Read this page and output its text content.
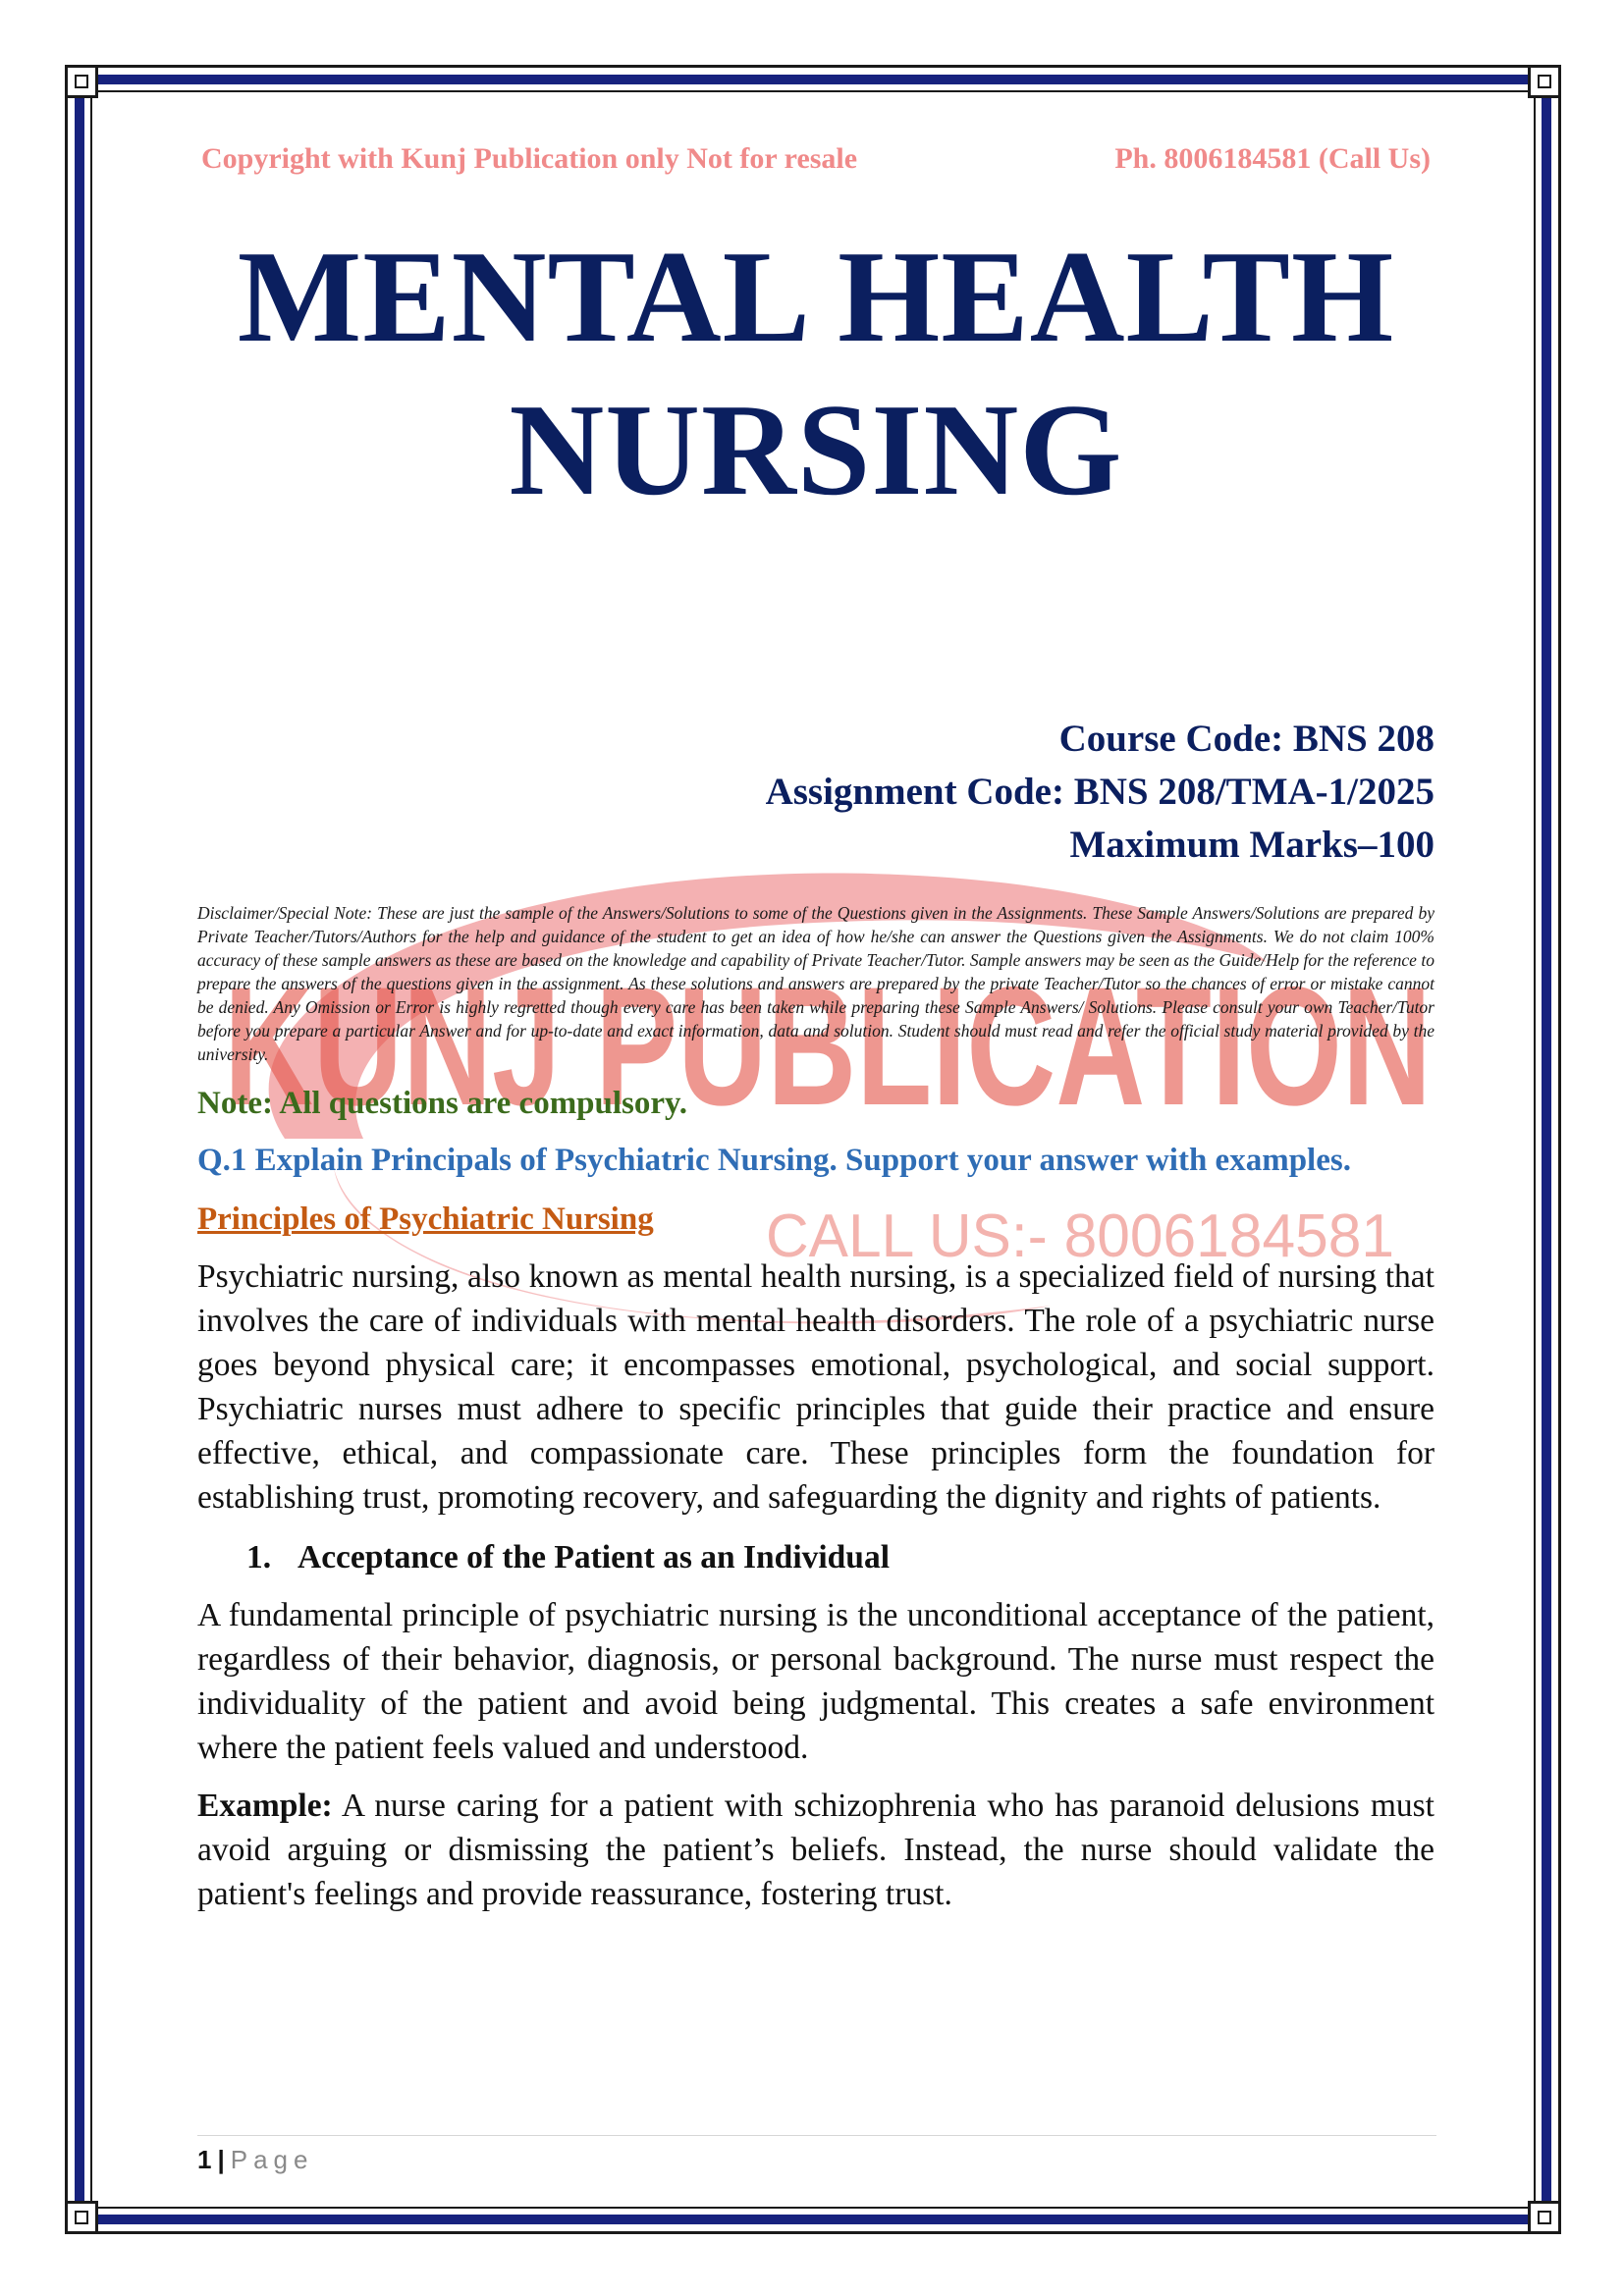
KUNJ PUBLICATION
CALL US:- 8006184581
Copyright with Kunj Publication only Not for resale	Ph. 8006184581 (Call Us)
MENTAL HEALTH
NURSING
Course Code: BNS 208
Assignment Code: BNS 208/TMA-1/2025
Maximum Marks–100
Disclaimer/Special Note: These are just the sample of the Answers/Solutions to some of the Questions given in the Assignments. These Sample Answers/Solutions are prepared by Private Teacher/Tutors/Authors for the help and guidance of the student to get an idea of how he/she can answer the Questions given the Assignments. We do not claim 100% accuracy of these sample answers as these are based on the knowledge and capability of Private Teacher/Tutor. Sample answers may be seen as the Guide/Help for the reference to prepare the answers of the questions given in the assignment. As these solutions and answers are prepared by the private Teacher/Tutor so the chances of error or mistake cannot be denied. Any Omission or Error is highly regretted though every care has been taken while preparing these Sample Answers/ Solutions. Please consult your own Teacher/Tutor before you prepare a particular Answer and for up-to-date and exact information, data and solution. Student should must read and refer the official study material provided by the university.
Note: All questions are compulsory.
Q.1 Explain Principals of Psychiatric Nursing. Support your answer with examples.
Principles of Psychiatric Nursing
Psychiatric nursing, also known as mental health nursing, is a specialized field of nursing that involves the care of individuals with mental health disorders. The role of a psychiatric nurse goes beyond physical care; it encompasses emotional, psychological, and social support. Psychiatric nurses must adhere to specific principles that guide their practice and ensure effective, ethical, and compassionate care. These principles form the foundation for establishing trust, promoting recovery, and safeguarding the dignity and rights of patients.
1. Acceptance of the Patient as an Individual
A fundamental principle of psychiatric nursing is the unconditional acceptance of the patient, regardless of their behavior, diagnosis, or personal background. The nurse must respect the individuality of the patient and avoid being judgmental. This creates a safe environment where the patient feels valued and understood.
Example: A nurse caring for a patient with schizophrenia who has paranoid delusions must avoid arguing or dismissing the patient’s beliefs. Instead, the nurse should validate the patient's feelings and provide reassurance, fostering trust.
1 | Page
